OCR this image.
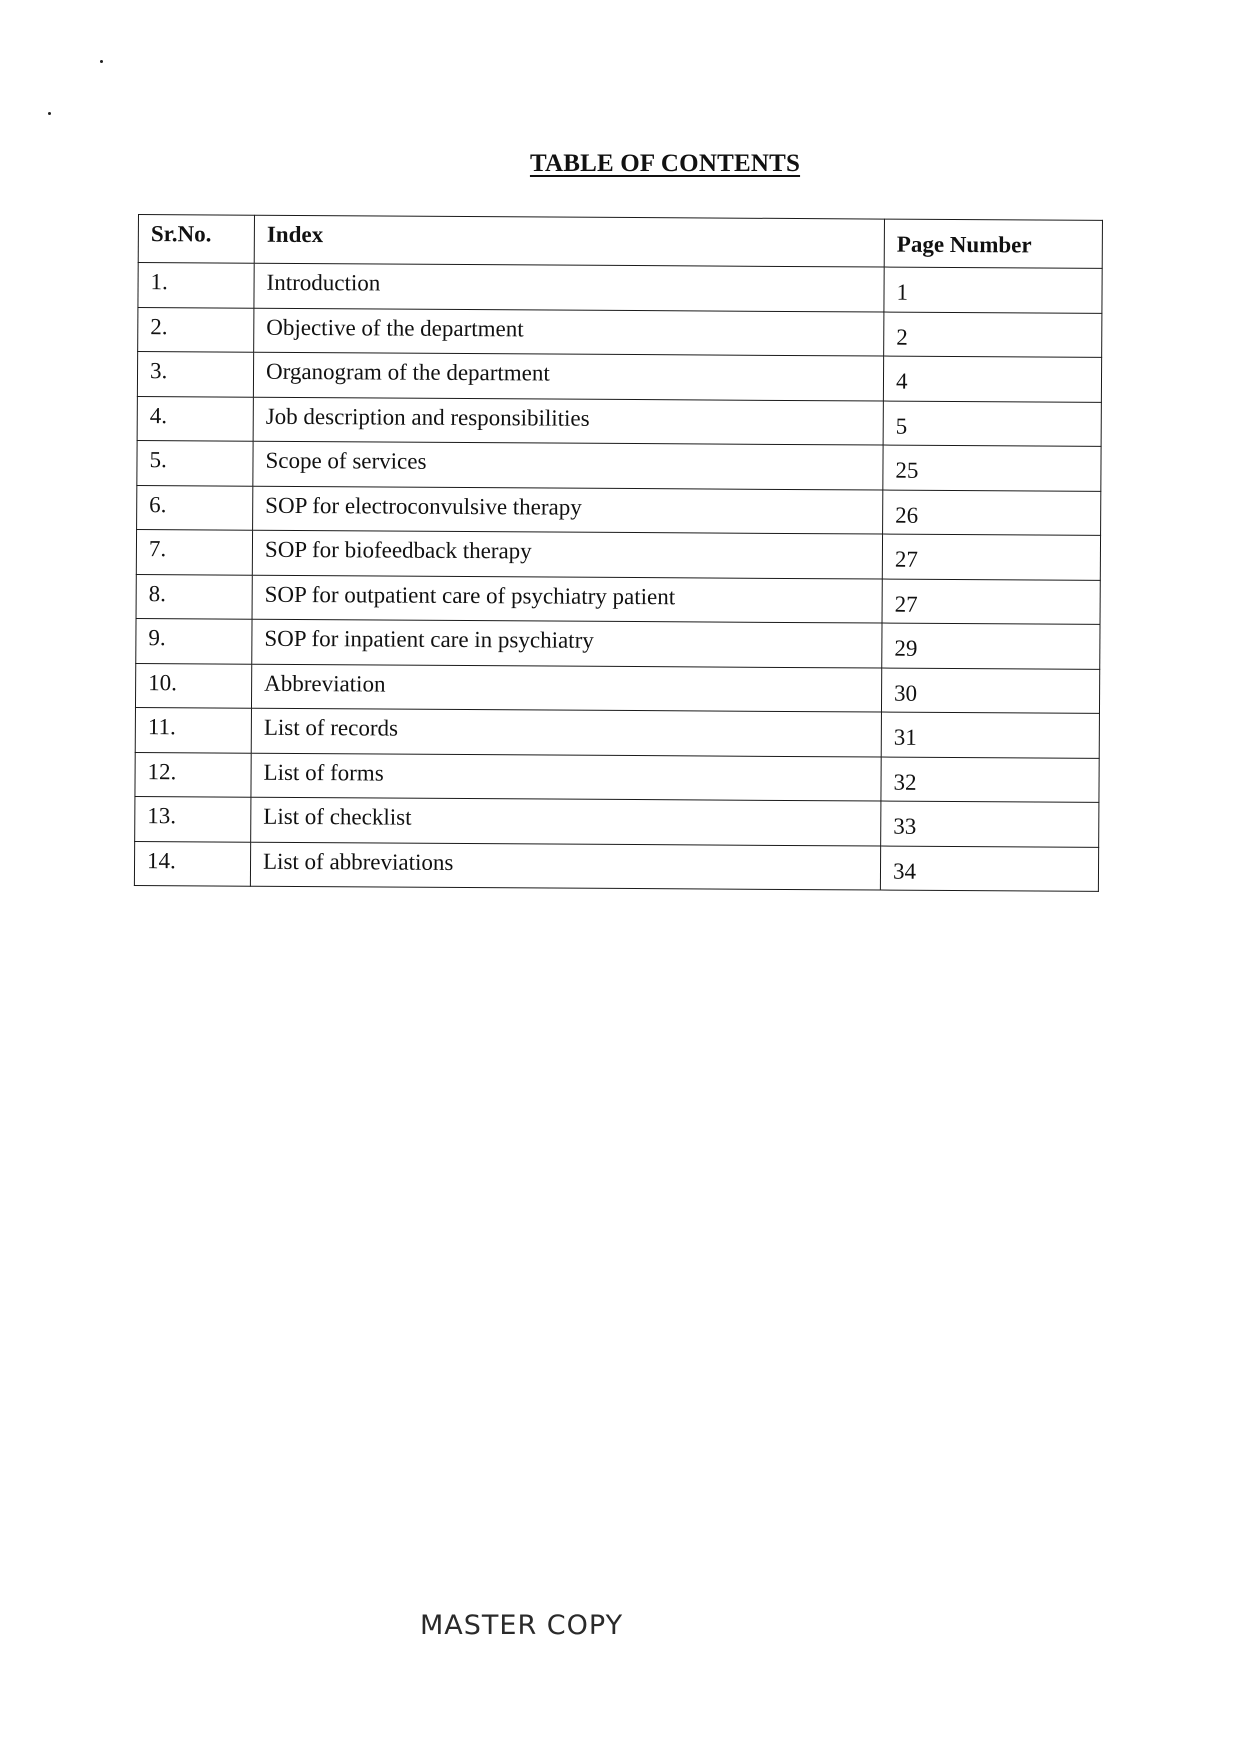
TABLE OF CONTENTS
Sr.No.	Index	Page Number
1.	Introduction	1
2.	Objective of the department	2
3.	Organogram of the department	4
4.	Job description and responsibilities	5
5.	Scope of services	25
6.	SOP for electroconvulsive therapy	26
7.	SOP for biofeedback therapy	27
8.	SOP for outpatient care of psychiatry patient	27
9.	SOP for inpatient care in psychiatry	29
10.	Abbreviation	30
11.	List of records	31
12.	List of forms	32
13.	List of checklist	33
14.	List of abbreviations	34
MASTER COPY
